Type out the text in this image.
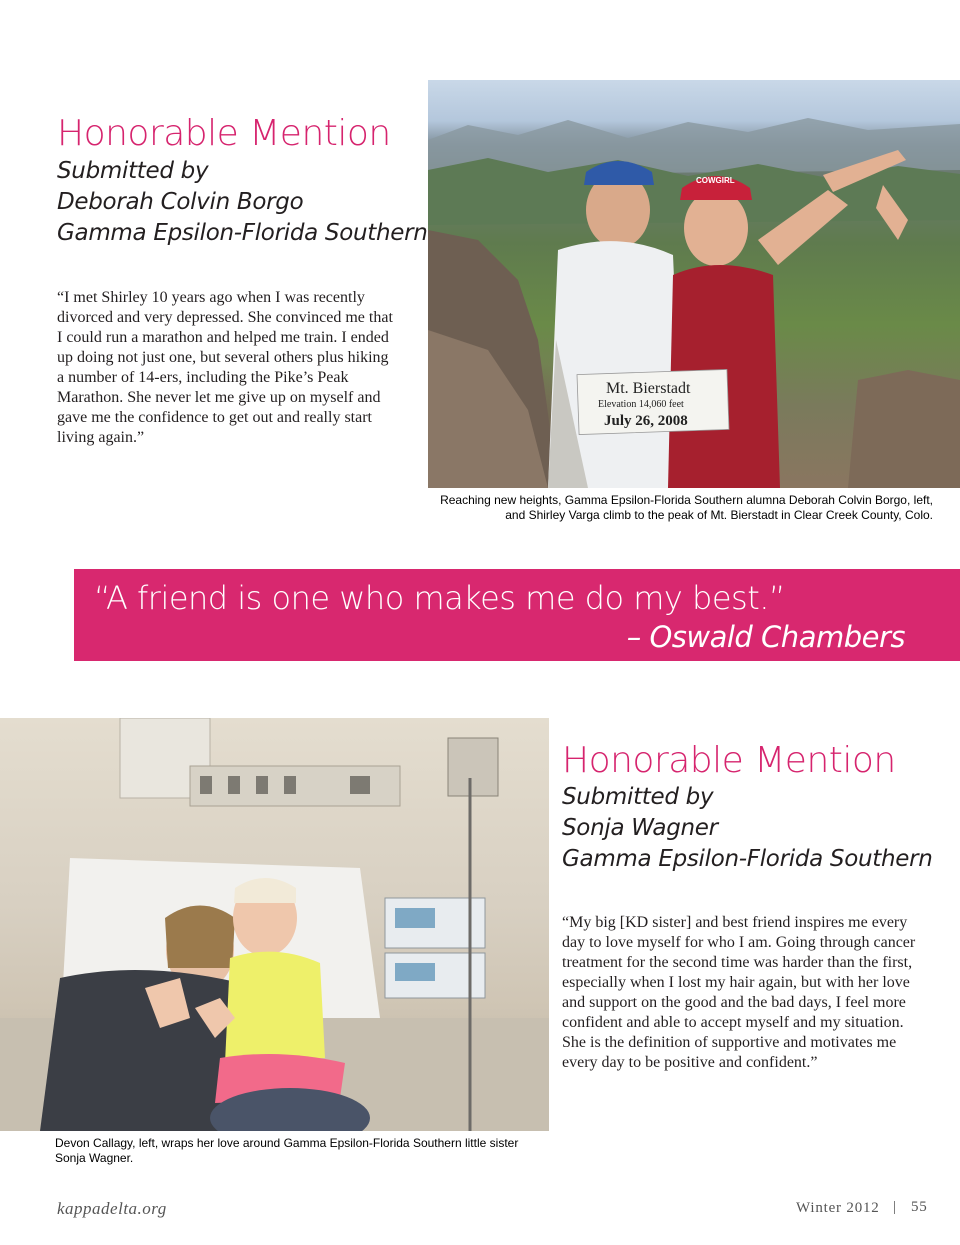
Honorable Mention
Submitted by
Deborah Colvin Borgo
Gamma Epsilon-Florida Southern
“I met Shirley 10 years ago when I was recently divorced and very depressed. She convinced me that I could run a marathon and helped me train. I ended up doing not just one, but several others plus hiking a number of 14-ers, including the Pike’s Peak Marathon. She never let me give up on myself and gave me the confidence to get out and really start living again.”
Mt. Bierstadt
Elevation 14,060 feet
July 26, 2008
COWGIRL
Reaching new heights, Gamma Epsilon-Florida Southern alumna Deborah Colvin Borgo, left, and Shirley Varga climb to the peak of Mt. Bierstadt in Clear Creek County, Colo.
“A friend is one who makes me do my best.”
– Oswald Chambers
Honorable Mention
Submitted by
Sonja Wagner
Gamma Epsilon-Florida Southern
“My big [KD sister] and best friend inspires me every day to love myself for who I am. Going through cancer treatment for the second time was harder than the first, especially when I lost my hair again, but with her love and support on the good and the bad days, I feel more confident and able to accept myself and my situation. She is the definition of supportive and motivates me every day to be positive and confident.”
Devon Callagy, left, wraps her love around Gamma Epsilon-Florida Southern little sister Sonja Wagner.
kappadelta.org	Winter 2012 | 55
